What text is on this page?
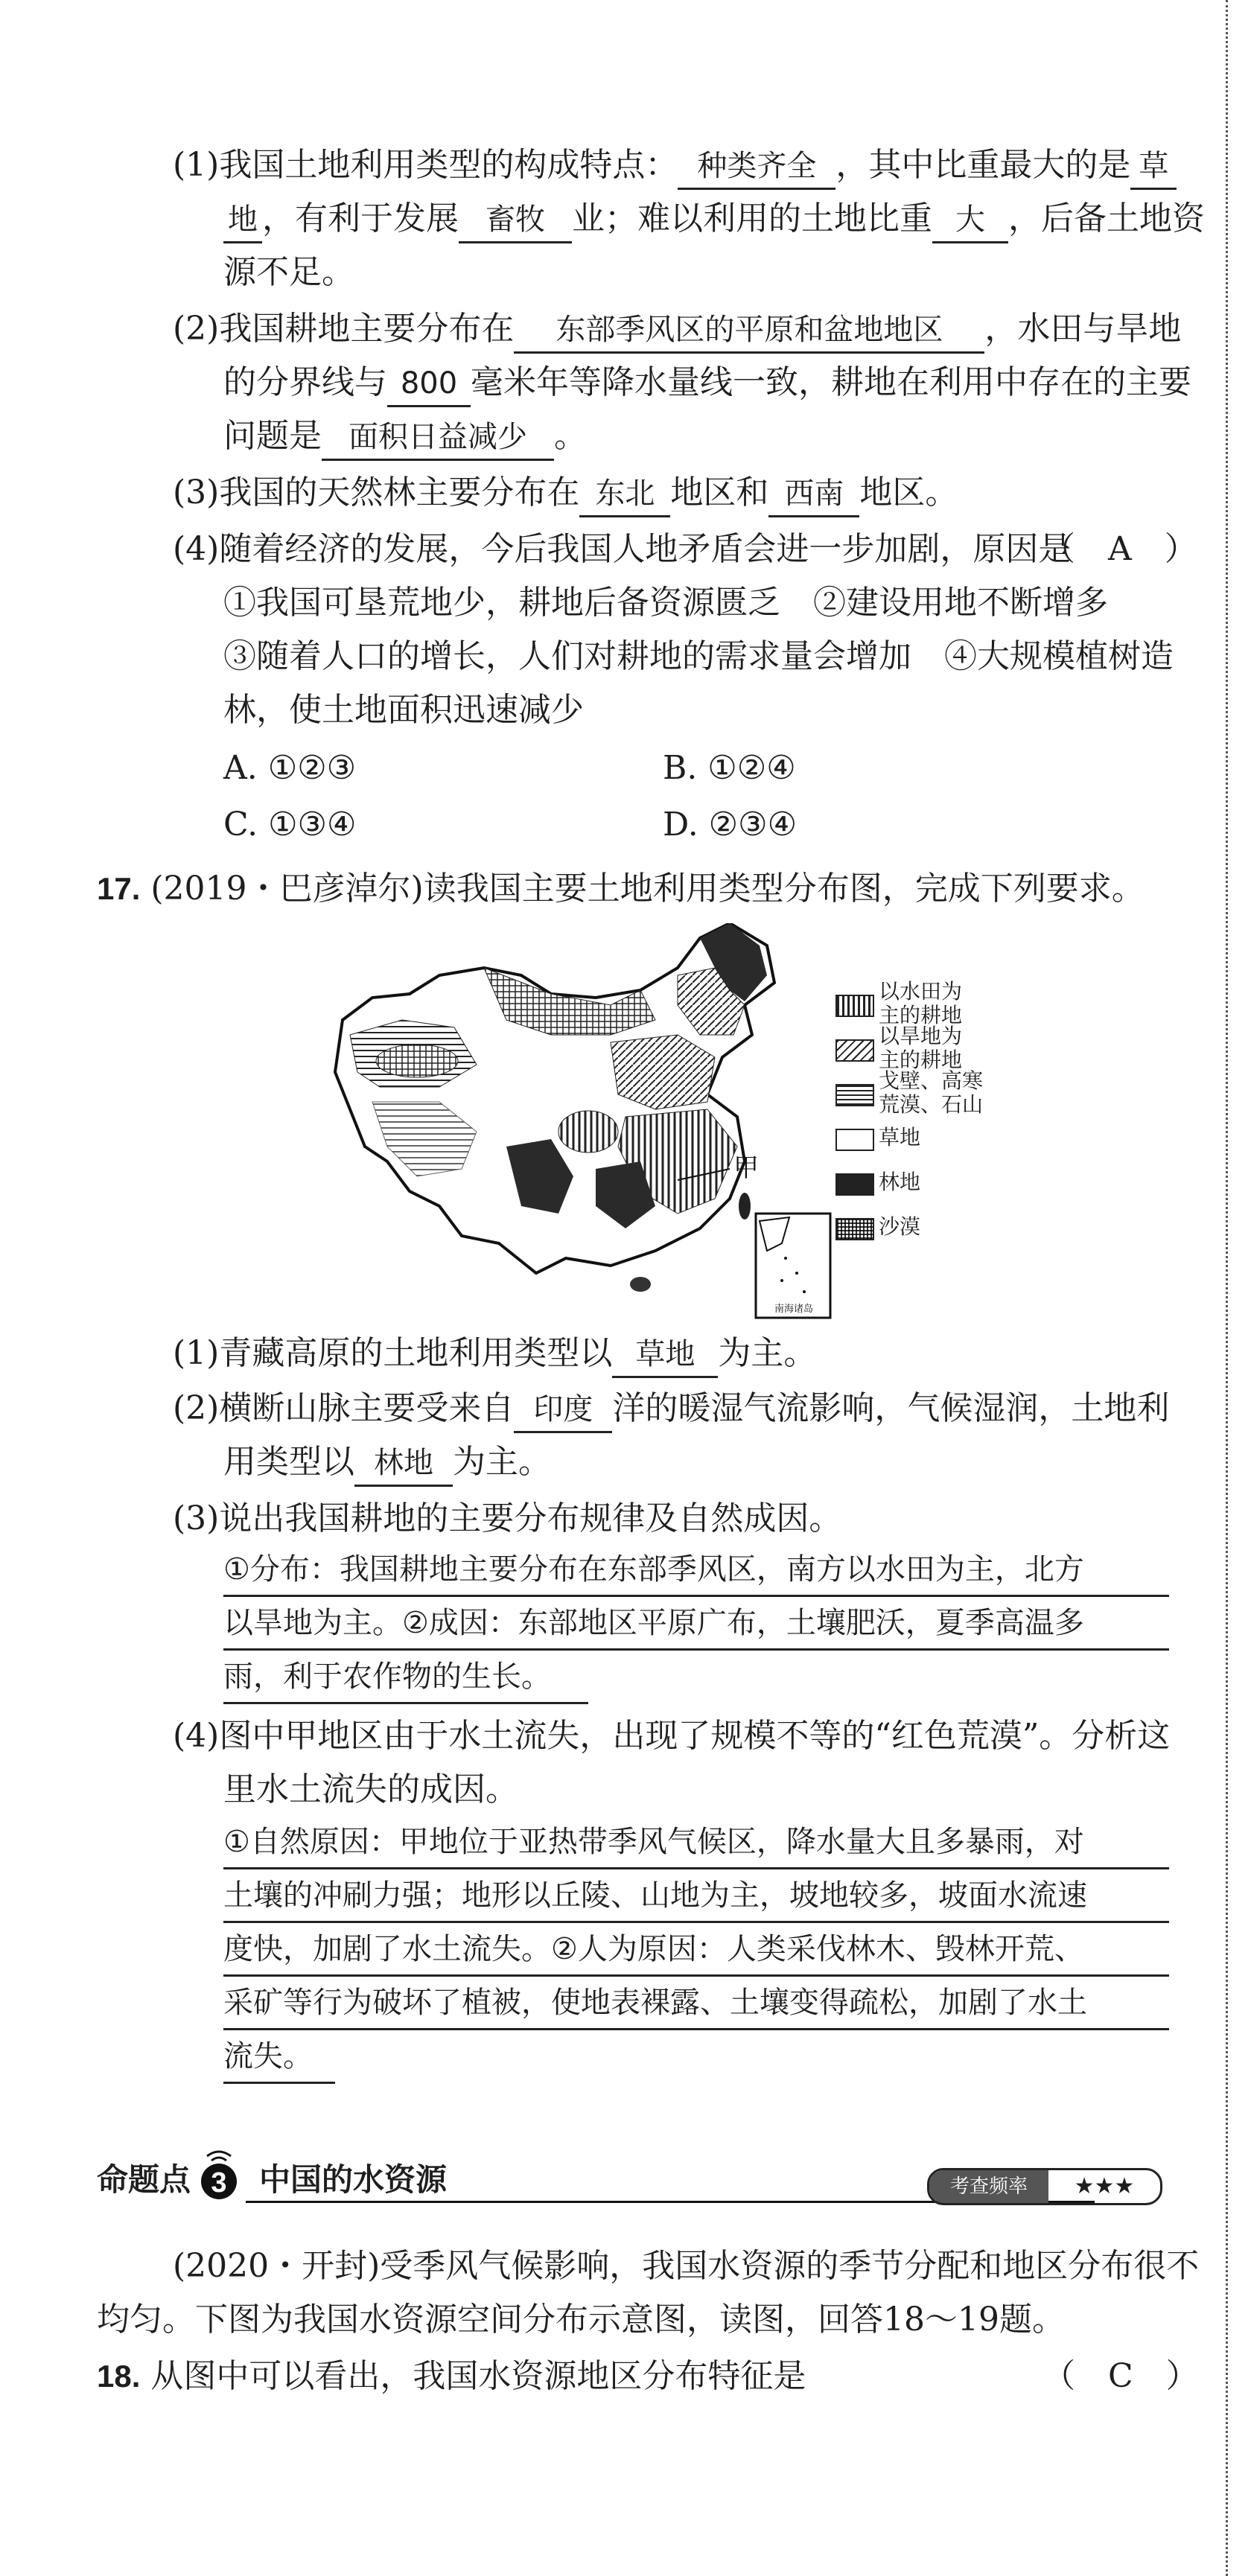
(1)我国土地利用类型的构成特点： 种类齐全 ，其中比重最大的是 草
地 ，有利于发展 畜牧 业；难以利用的土地比重 大 ，后备土地资
源不足。
(2)我国耕地主要分布在 东部季风区的平原和盆地地区 ，水田与旱地
的分界线与 800 毫米年等降水量线一致，耕地在利用中存在的主要
问题是 面积日益减少 。
(3)我国的天然林主要分布在 东北 地区和 西南 地区。
(4)随着经济的发展，今后我国人地矛盾会进一步加剧，原因是
（　A　）
①我国可垦荒地少，耕地后备资源匮乏　②建设用地不断增多
③随着人口的增长，人们对耕地的需求量会增加　④大规模植树造
林，使土地面积迅速减少
A. ①②③	B. ①②④
C. ①③④	D. ②③④
17. (2019・巴彦淖尔)读我国主要土地利用类型分布图，完成下列要求。
甲
南海诸岛
以水田为
主的耕地
以旱地为
主的耕地
戈壁、高寒
荒漠、石山
草地
林地
沙漠
(1)青藏高原的土地利用类型以 草地 为主。
(2)横断山脉主要受来自 印度 洋的暖湿气流影响，气候湿润，土地利
用类型以 林地 为主。
(3)说出我国耕地的主要分布规律及自然成因。
①分布：我国耕地主要分布在东部季风区，南方以水田为主，北方
以旱地为主。②成因：东部地区平原广布，土壤肥沃，夏季高温多
雨，利于农作物的生长。
(4)图中甲地区由于水土流失，出现了规模不等的“红色荒漠”。分析这
里水土流失的成因。
①自然原因：甲地位于亚热带季风气候区，降水量大且多暴雨，对
土壤的冲刷力强；地形以丘陵、山地为主，坡地较多，坡面水流速
度快，加剧了水土流失。②人为原因：人类采伐林木、毁林开荒、
采矿等行为破坏了植被，使地表裸露、土壤变得疏松，加剧了水土
流失。
命题点 3 中国的水资源	考查频率	★★★
(2020・开封)受季风气候影响，我国水资源的季节分配和地区分布很不
均匀。下图为我国水资源空间分布示意图，读图，回答18～19题。
18. 从图中可以看出，我国水资源地区分布特征是	（　C　）
